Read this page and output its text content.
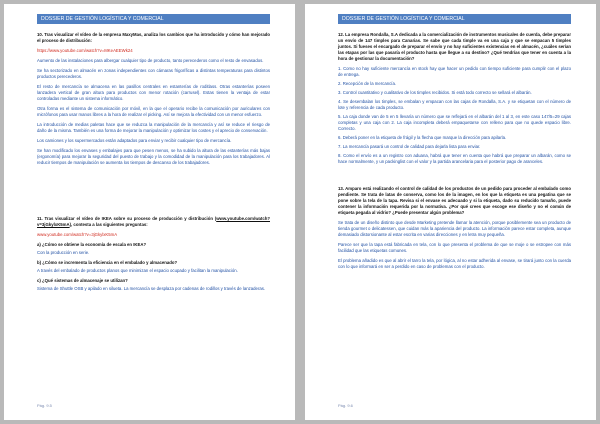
DOSSIER DE GESTIÓN LOGÍSTICA Y COMERCIAL
10. Tras visualizar el vídeo de la empresa MaxyMas, analiza los cambios que ha introducido y cómo han mejorado el proceso de distribución:
https://www.youtube.com/watch?v=MKeAEEWk24
Aumento de las instalaciones para albergar cualquier tipo de producto, tanto perecederos como el resto de envasados.
Se ha sectorizado en almacén en zonas independientes con cámaras frigoríficas a distintas temperaturas para distintos productos perecederos.
El resto de mercancía se almacena en las pasillos centrales en estanterías de roditlass. Otras estanterías poseen lanzadera vertical de gran altura para productos con menor rotación (carrusel). Estas tienen la ventaja de estar controladas mediante un sistema informático.
Otra forma es el sistema de comunicación por móvil, en la que el operario recibe la comunicación por auriculares con micrófonos para usar manos libres a la hora de realizar el picking. Así se mejora la efectividad con un menor esfuerzo.
La introducción de medias paletas hace que se reduzca la manipulación de la mercancía y así se reduce el riesgo de daño de la misma. También es una forma de mejorar la manipulación y optimizar los costes y el aprecio de conservación.
Los camiones y los supermercados están adaptados para enviar y recibir cualquier tipo de mercancía.
Se han modificado los envases y embalajes para que pesen menos, se ha subido la altura de las estanterías más bajas (ergonomía) para mejorar la seguridad del puesto de trabajo y la comodidad de la manipulación para los trabajadores. Al reducir tiempos de manipulación se aumenta los tiempos de descanso de los trabajadores.
11. Tras visualizar el vídeo de IKEA sobre su proceso de producción y distribución (www.youtube.com/watch?v=3jGkylxK5mA), contesta a las siguientes preguntas:
www.youtube.com/watch?v=3jGkylxK5mA
a) ¿Cómo se obtiene la economía de escala en IKEA?
Con la producción en serie.
b) ¿Cómo se incrementa la eficiencia en el embalado y almacenado?
A través del embalado de productos planos que minimizan el espacio ocupado y facilitan la manipulación.
c) ¿Qué sistemas de almacenaje se utilizan?
Sistema de Shuttle OSB y apilado en silueta. La mercancía se desplaza por cadenas de rodillos y través de lanzaderas.
Pág. 9.5
DOSSIER DE GESTIÓN LOGÍSTICA Y COMERCIAL
12. La empresa Rondalla, S.A dedicada a la comercialización de instrumentos musicales de cuerda, debe preparar un envío de 147 timples para Canarias. Se sabe que cada timple va en una caja y que se empacan 5 timples juntos. Si fueses el encargado de preparar el envío y no hay suficientes existencias en el almacén, ¿cuáles serían las etapas por las que pasaría el producto hasta que llegue a su destino? ¿Qué tendrías que tener en cuenta a la hora de gestionar la documentación?
1. Como no hay suficiente mercancía en stock hay que hacer un pedido con tiempo suficiente para cumplir con el plazo de entrega.
2. Recepción de la mercancía.
3. Control cuantitativo y cualitativo de los timples recibidos. Si está todo correcto se sellará el albarán.
4. Se desembalan los timples, se embalan y empacan con las cajas de Rondalla, S.A. y se etiquetan con el número de lote y referencia de cada producto.
5. La caja donde van de 5 en 5 llevaría un número que se reflejará en el albarán del 1 al 3, en este caso 147/5=29 cajas completas y una caja con 2. La caja incompleta deberá empaquetarse con relleno para que no quede espacio libre. Correcto.
6. Deberá poner en la etiqueta de frágil y la flecha que marque la dirección para apilarla.
7. La mercancía pasará un control de calidad para dejarla lista para enviar.
8. Como el envío es a un registro con aduana, habrá que tener en cuenta que habrá que preparar un albarán, como se hace normalmente, y un packinglist con el valor y la partida arancelaria para el posterior pago de aranceles.
13. Amparo está realizando el control de calidad de los productos de un pedido para proceder al embalado como pendiente. Se trata de latas de conserva, como los de la imagen, en los que la etiqueta es una pegatina que se pone sobre la tela de la tapa. Revisa si el envase es adecuado y si la etiqueta, dado su reducido tamaño, puede contener la información requerida por la normativa. ¿Por qué crees que escoge ese diseño y no el común de etiqueta pegada al vidrio? ¿Puede presentar algún problema?
Se trata de un diseño distinto que desde Marketing pretende llamar la atención, porque posiblemente sea un producto de tienda gourmet o delicatessen, que cuidan más la apariencia del producto. La información parece estar completa, aunque demasiado distorsionante al estar escrita en varias direcciones y en letra muy pequeña.
Parece ser que la tapa está fabricada en tela, con lo que presenta el problema de que se moje o se estropee con más facilidad que las etiquetas comunes.
El problema añadido es que al abrir el tarro la tela, por lógica, al no estar adherida al envase, se tirará junto con la cuerda con lo que informará en ser a perdido en caso de problemas con el producto.
Pág. 9.6
